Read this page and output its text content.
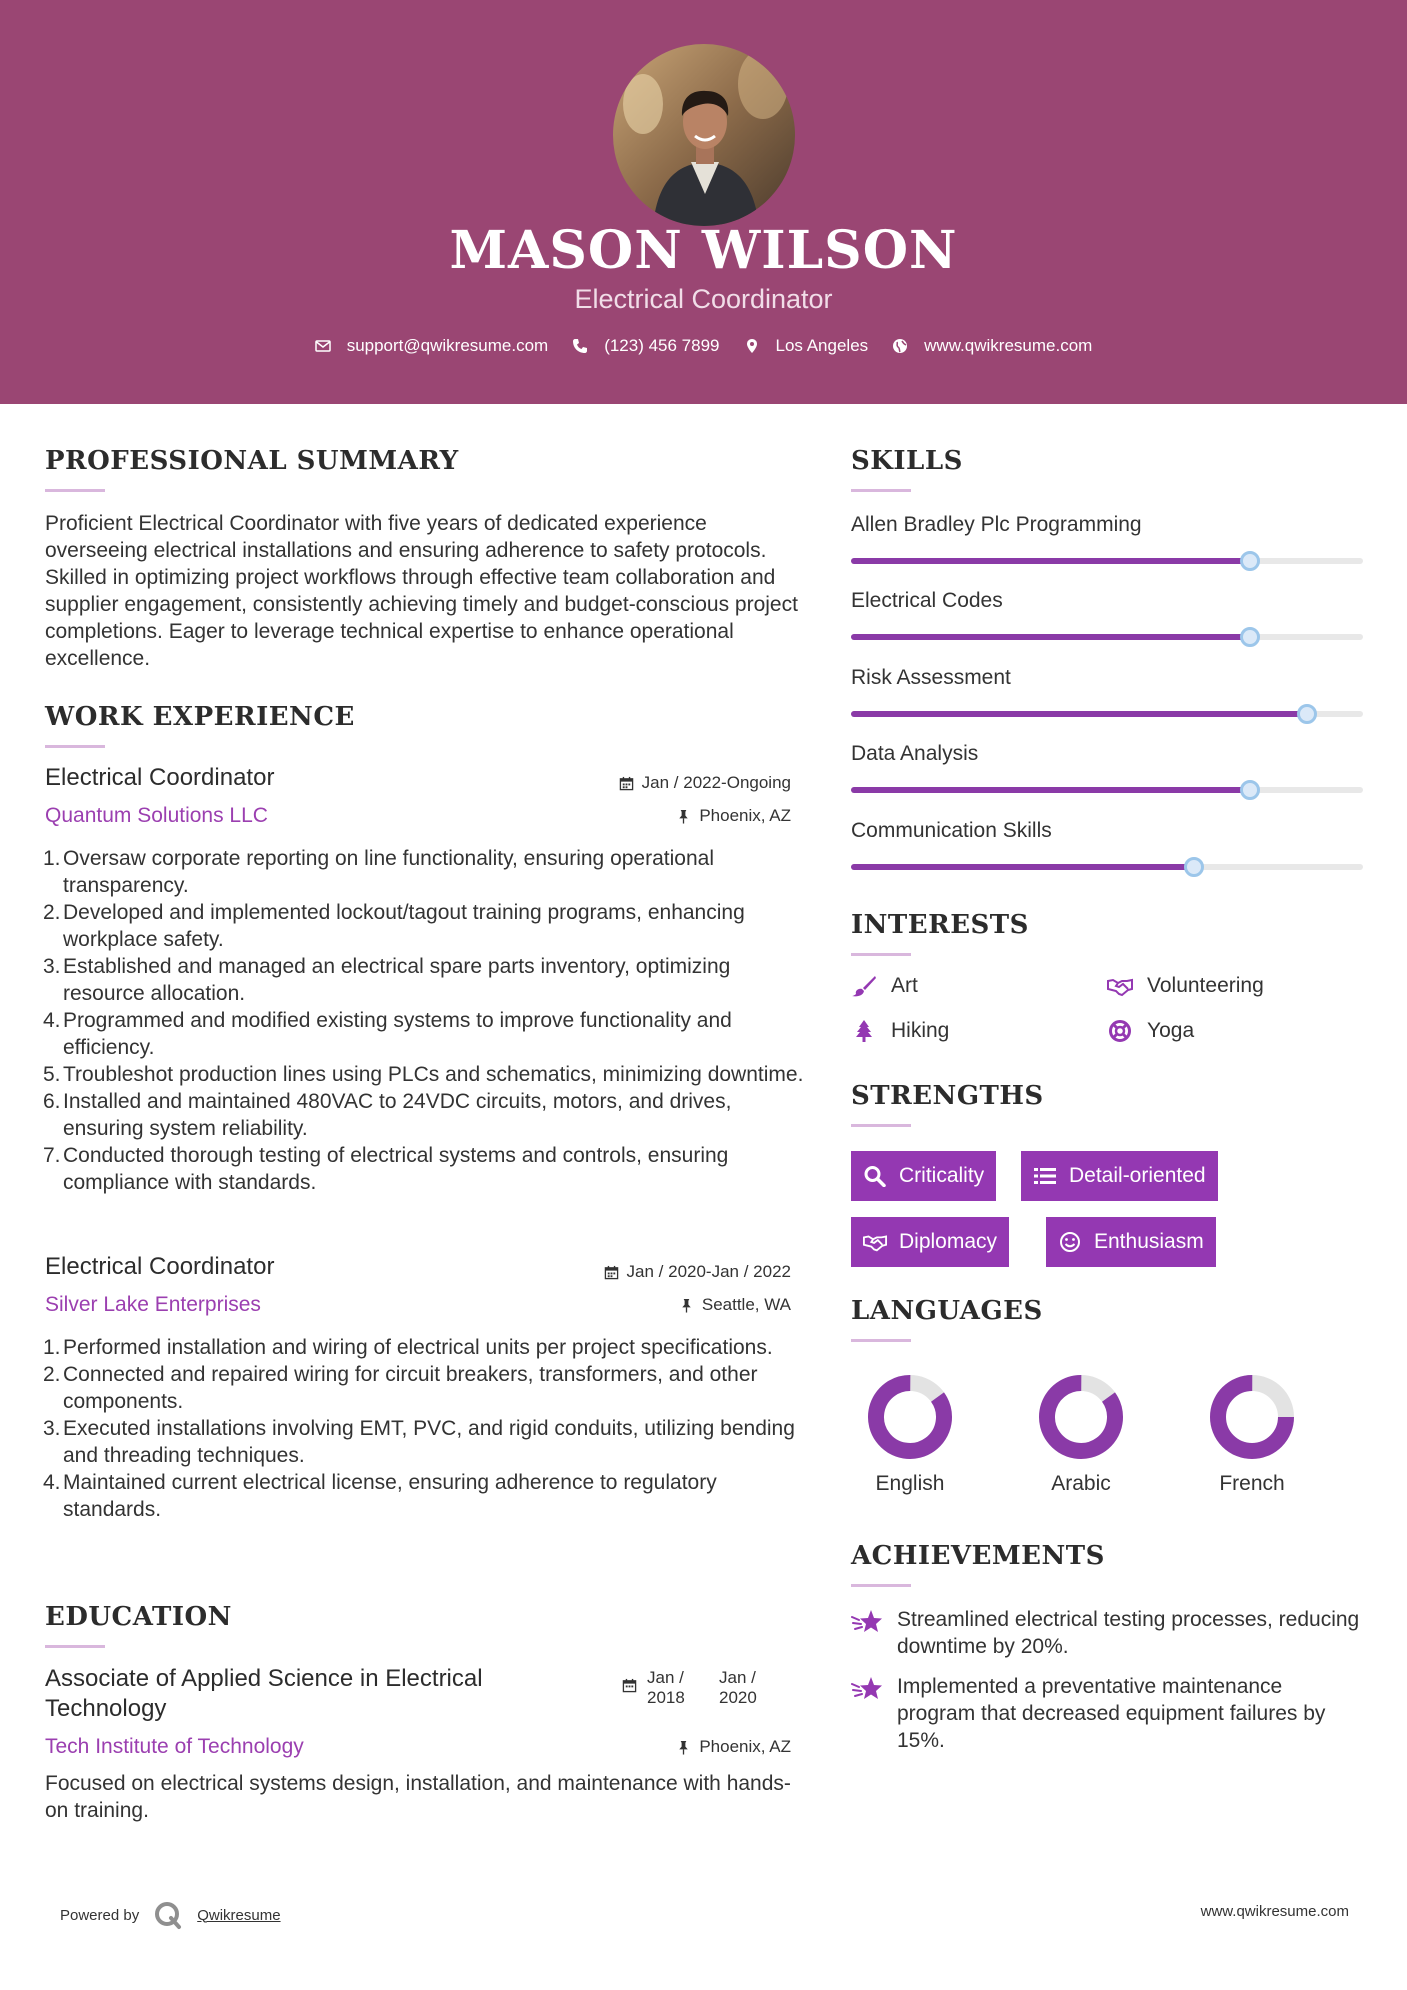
MASON WILSON
Electrical Coordinator
support@qwikresume.com	(123) 456 7899	Los Angeles	www.qwikresume.com
PROFESSIONAL SUMMARY
Proficient Electrical Coordinator with five years of dedicated experience overseeing electrical installations and ensuring adherence to safety protocols. Skilled in optimizing project workflows through effective team collaboration and supplier engagement, consistently achieving timely and budget-conscious project completions. Eager to leverage technical expertise to enhance operational excellence.
WORK EXPERIENCE
Electrical Coordinator	Jan / 2022-Ongoing
Quantum Solutions LLC	Phoenix, AZ
1. Oversaw corporate reporting on line functionality, ensuring operational transparency.
2. Developed and implemented lockout/tagout training programs, enhancing workplace safety.
3. Established and managed an electrical spare parts inventory, optimizing resource allocation.
4. Programmed and modified existing systems to improve functionality and efficiency.
5. Troubleshot production lines using PLCs and schematics, minimizing downtime.
6. Installed and maintained 480VAC to 24VDC circuits, motors, and drives, ensuring system reliability.
7. Conducted thorough testing of electrical systems and controls, ensuring compliance with standards.
Electrical Coordinator	Jan / 2020-Jan / 2022
Silver Lake Enterprises	Seattle, WA
1. Performed installation and wiring of electrical units per project specifications.
2. Connected and repaired wiring for circuit breakers, transformers, and other components.
3. Executed installations involving EMT, PVC, and rigid conduits, utilizing bending and threading techniques.
4. Maintained current electrical license, ensuring adherence to regulatory standards.
EDUCATION
Associate of Applied Science in Electrical Technology
Jan / 2018
Jan / 2020
Tech Institute of Technology	Phoenix, AZ
Focused on electrical systems design, installation, and maintenance with hands-on training.
SKILLS
Allen Bradley Plc Programming
Electrical Codes
Risk Assessment
Data Analysis
Communication Skills
INTERESTS
Art	Volunteering
Hiking	Yoga
STRENGTHS
Criticality	Detail-oriented
Diplomacy	Enthusiasm
LANGUAGES
English	Arabic	French
ACHIEVEMENTS
Streamlined electrical testing processes, reducing downtime by 20%.
Implemented a preventative maintenance program that decreased equipment failures by 15%.
Powered by	Qwikresume	www.qwikresume.com
